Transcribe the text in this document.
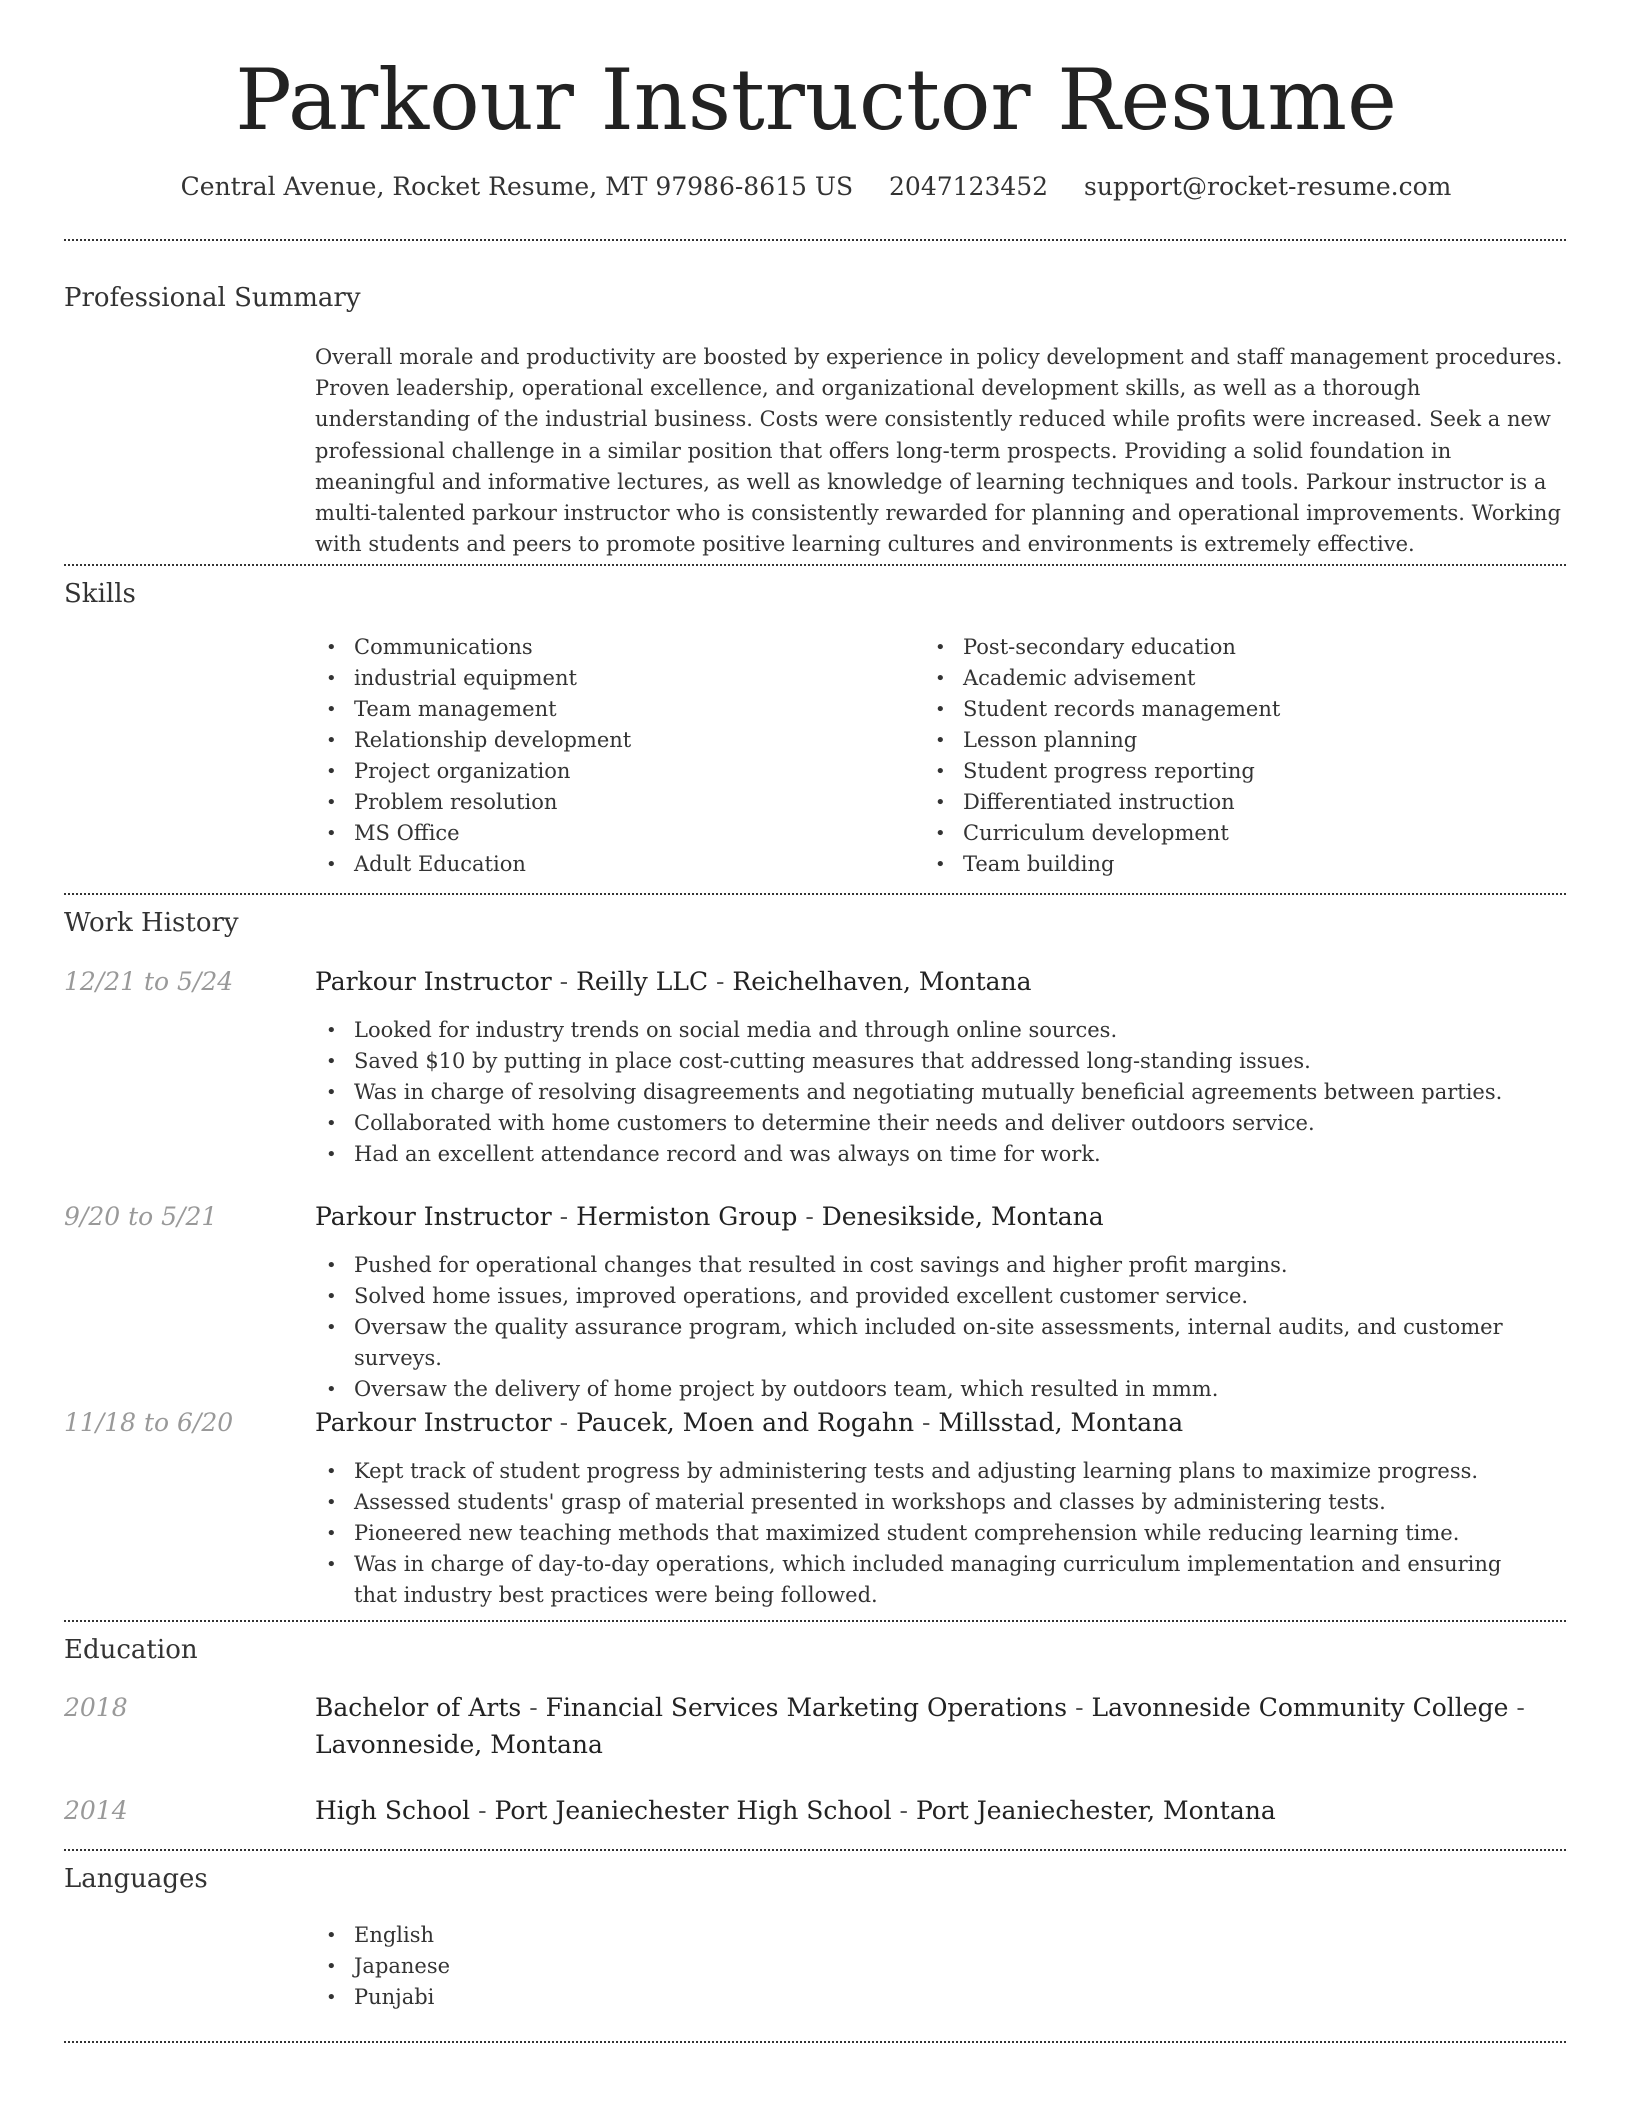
Parkour Instructor Resume
Central Avenue, Rocket Resume, MT 97986-8615 US 2047123452 support@rocket-resume.com
Professional Summary

Overall morale and productivity are boosted by experience in policy development and staff management procedures. Proven leadership, operational excellence, and organizational development skills, as well as a thorough understanding of the industrial business. Costs were consistently reduced while profits were increased. Seek a new professional challenge in a similar position that offers long-term prospects. Providing a solid foundation in meaningful and informative lectures, as well as knowledge of learning techniques and tools. Parkour instructor is a multi-talented parkour instructor who is consistently rewarded for planning and operational improvements. Working with students and peers to promote positive learning cultures and environments is extremely effective.

Skills
• Communications
• industrial equipment
• Team management
• Relationship development
• Project organization
• Problem resolution
• MS Office
• Adult Education
• Post-secondary education
• Academic advisement
• Student records management
• Lesson planning
• Student progress reporting
• Differentiated instruction
• Curriculum development
• Team building
Work History
12/21 to 5/24	Parkour Instructor - Reilly LLC - Reichelhaven, Montana
• Looked for industry trends on social media and through online sources.
• Saved $10 by putting in place cost-cutting measures that addressed long-standing issues.
• Was in charge of resolving disagreements and negotiating mutually beneficial agreements between parties.
• Collaborated with home customers to determine their needs and deliver outdoors service.
• Had an excellent attendance record and was always on time for work.
9/20 to 5/21	Parkour Instructor - Hermiston Group - Denesikside, Montana
• Pushed for operational changes that resulted in cost savings and higher profit margins.
• Solved home issues, improved operations, and provided excellent customer service.
• Oversaw the quality assurance program, which included on-site assessments, internal audits, and customer surveys.
• Oversaw the delivery of home project by outdoors team, which resulted in mmm.
11/18 to 6/20	Parkour Instructor - Paucek, Moen and Rogahn - Millsstad, Montana
• Kept track of student progress by administering tests and adjusting learning plans to maximize progress.
• Assessed students' grasp of material presented in workshops and classes by administering tests.
• Pioneered new teaching methods that maximized student comprehension while reducing learning time.
• Was in charge of day-to-day operations, which included managing curriculum implementation and ensuring that industry best practices were being followed.
Education
2018	Bachelor of Arts - Financial Services Marketing Operations - Lavonneside Community College - Lavonneside, Montana
2014	High School - Port Jeaniechester High School - Port Jeaniechester, Montana
Languages
• English
• Japanese
• Punjabi
